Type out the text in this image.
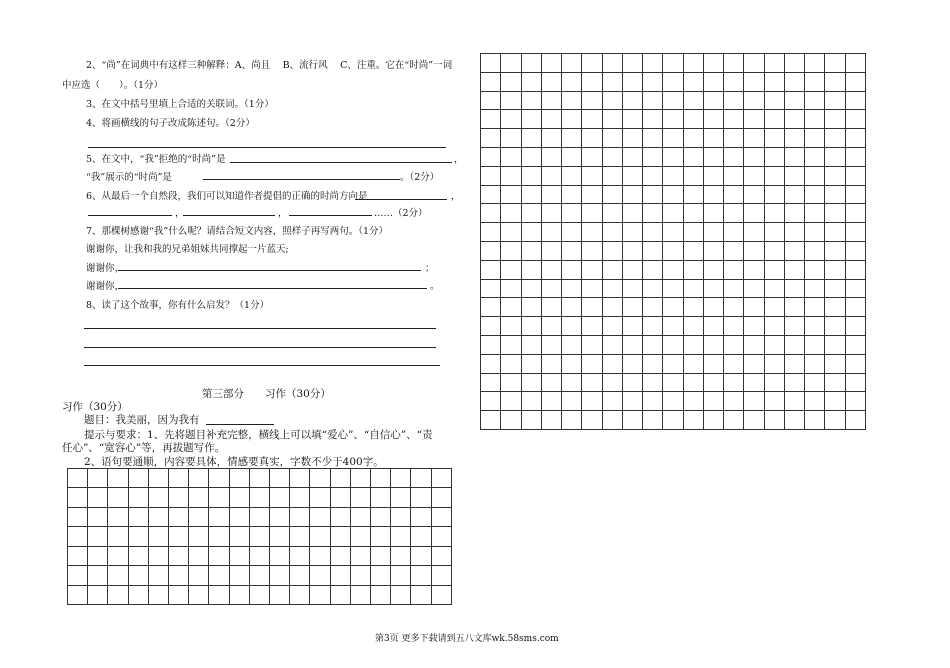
2、“尚”在词典中有这样三种解释：A、尚且　 B、流行风　 C、注重。它在“时尚”一词
中应选（　　）。（1分）
3、在文中括号里填上合适的关联词。（1分）
4、将画横线的句子改成陈述句。（2分）
5、在文中，“我”拒绝的“时尚”是	，
“我”展示的“时尚”是	。（2分）
6、从最后一个自然段，我们可以知道作者提倡的正确的时尚方向是	，
，	，	……（2分）
7、那棵树感谢“我”什么呢？请结合短文内容，照样子再写两句。（1分）
谢谢你，让我和我的兄弟姐妹共同撑起一片蓝天;
谢谢你，	；
谢谢你，	。
8、读了这个故事，你有什么启发？（1分）
第三部分　　习作（30分）
习作（30分）
题目：我美丽，因为我有
提示与要求：1、先将题目补充完整，横线上可以填“爱心”、“自信心”、“责
任心”、“宽容心”等，再拔题写作。
2、语句要通顺，内容要具体，情感要真实，字数不少于400字。

第3页 更多下载请到五八文库wk.58sms.com
